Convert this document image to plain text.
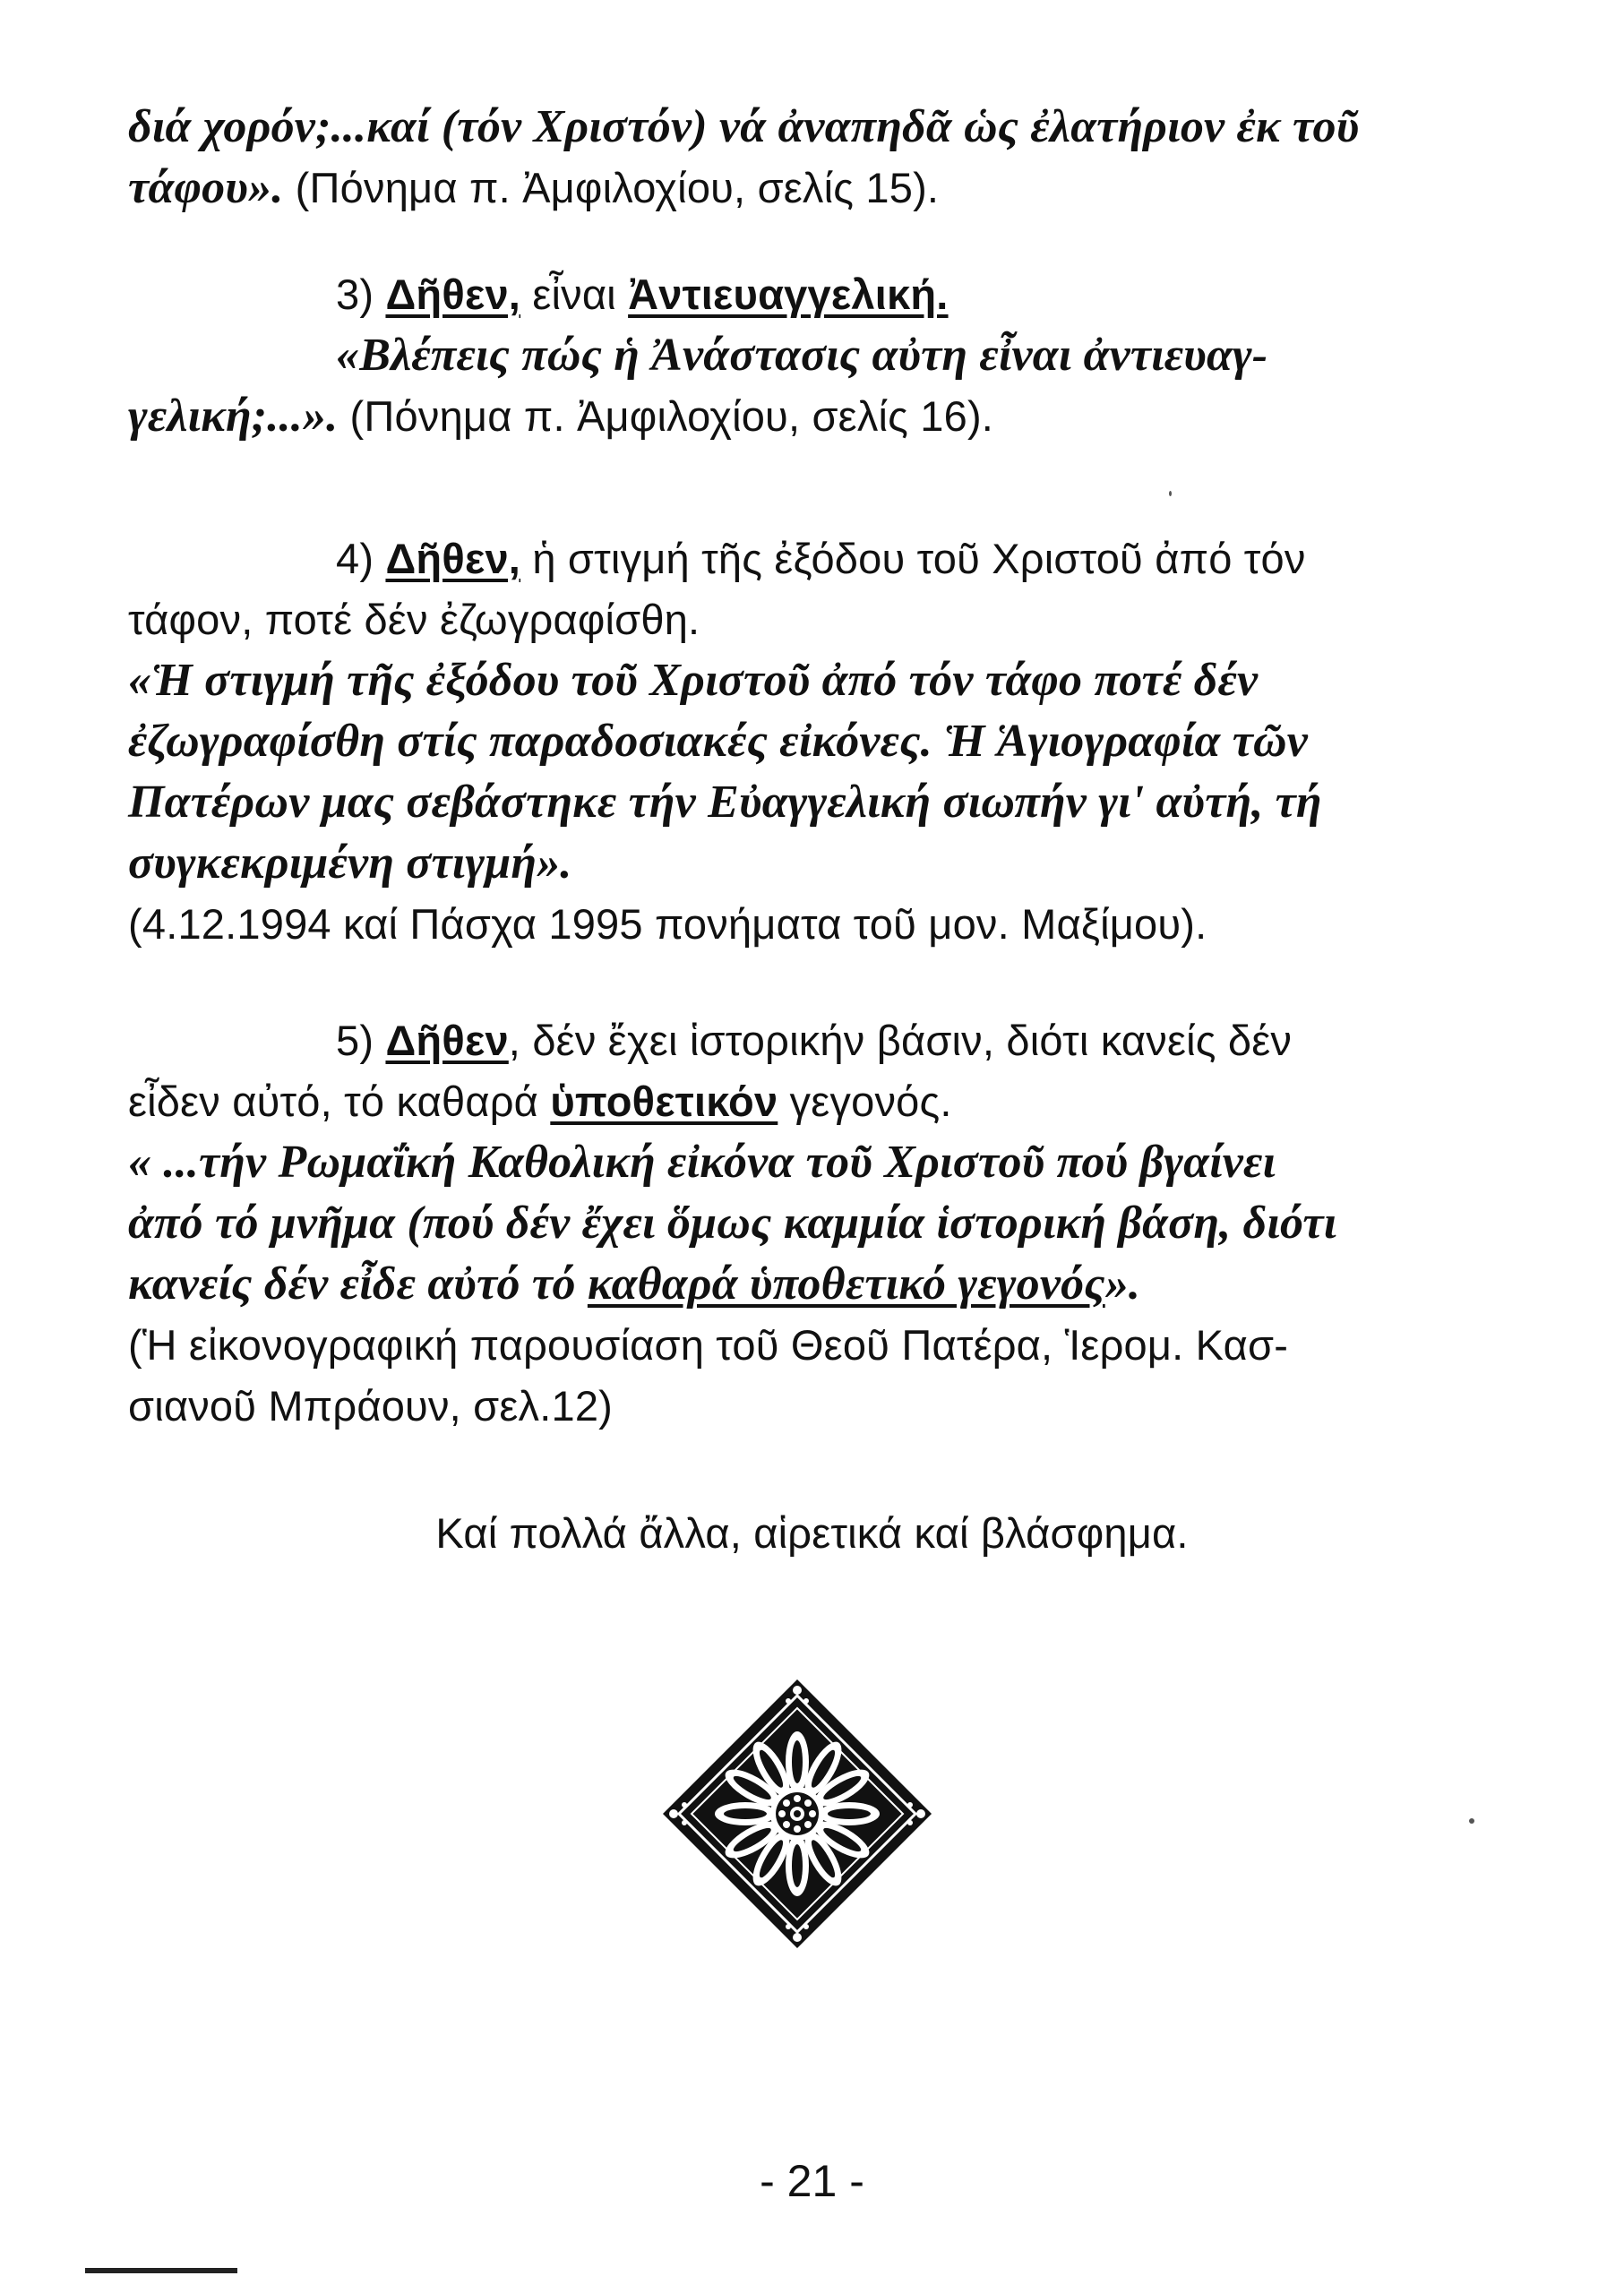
διά χορόν;...καί (τόν Χριστόν) νά ἀναπηδᾶ ὡς ἐλατήριον ἐκ τοῦ
τάφου». (Πόνημα π. Ἀμφιλοχίου, σελίς 15).
3) Δῆθεν, εἶναι Ἀντιευαγγελική.
«Βλέπεις πώς ἡ Ἀνάστασις αὐτη εἶναι ἀντιευαγ-
γελική;...». (Πόνημα π. Ἀμφιλοχίου, σελίς 16).
4) Δῆθεν, ἡ στιγμή τῆς ἐξόδου τοῦ Χριστοῦ ἀπό τόν
τάφον, ποτέ δέν ἐζωγραφίσθη.
«Ἡ στιγμή τῆς ἐξόδου τοῦ Χριστοῦ ἀπό τόν τάφο ποτέ δέν
ἐζωγραφίσθη στίς παραδοσιακές εἰκόνες. Ἡ Ἁγιογραφία τῶν
Πατέρων μας σεβάστηκε τήν Εὐαγγελική σιωπήν γι' αὐτή, τή
συγκεκριμένη στιγμή».
(4.12.1994 καί Πάσχα 1995 πονήματα τοῦ μον. Μαξίμου).
5) Δῆθεν, δέν ἔχει ἱστορικήν βάσιν, διότι κανείς δέν
εἶδεν αὐτό, τό καθαρά ὑποθετικόν γεγονός.
« ...τήν Ρωμαΐκή Καθολική εἰκόνα τοῦ Χριστοῦ πού βγαίνει
ἀπό τό μνῆμα (πού δέν ἔχει ὅμως καμμία ἱστορική βάση, διότι
κανείς δέν εἶδε αὐτό τό καθαρά ὑποθετικό γεγονός».
(Ἡ εἰκονογραφική παρουσίαση τοῦ Θεοῦ Πατέρα, Ἱερομ. Κασ-
σιανοῦ Μπράουν, σελ.12)
Καί πολλά ἄλλα, αἱρετικά καί βλάσφημα.
- 21 -
